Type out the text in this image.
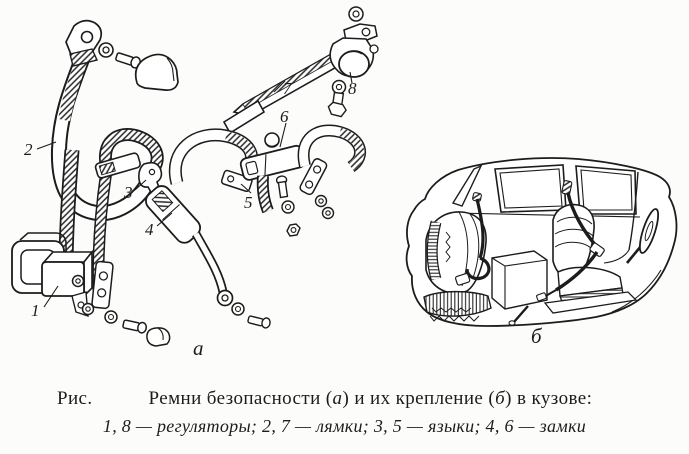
1
2
3
4
5
6
7	8
а	б
Рис.	Ремни безопасности (а) и их крепление (б) в кузове:
1, 8 — регуляторы; 2, 7 — лямки; 3, 5 — языки; 4, 6 — замки
